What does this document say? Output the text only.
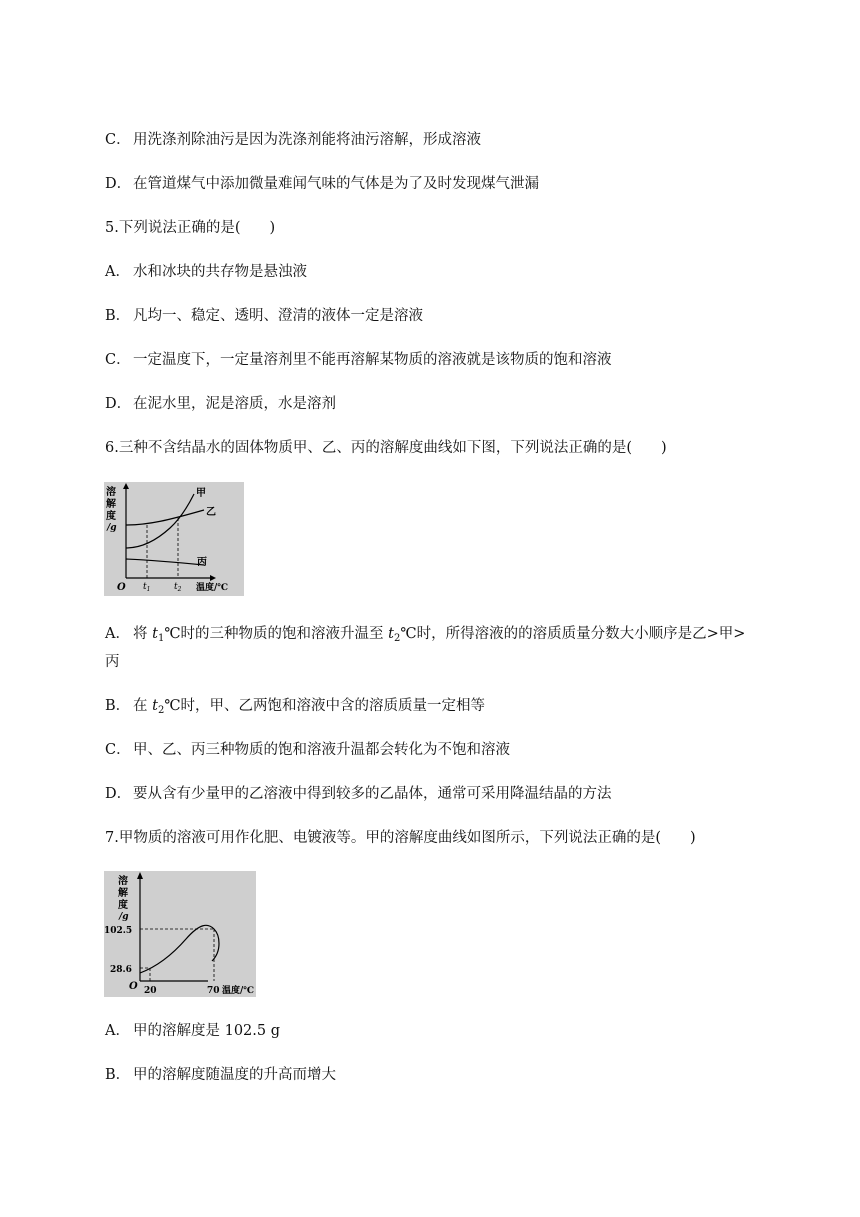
C． 用洗涤剂除油污是因为洗涤剂能将油污溶解，形成溶液
D． 在管道煤气中添加微量难闻气味的气体是为了及时发现煤气泄漏
5.下列说法正确的是(　　)
A． 水和冰块的共存物是悬浊液
B． 凡均一、稳定、透明、澄清的液体一定是溶液
C． 一定温度下，一定量溶剂里不能再溶解某物质的溶液就是该物质的饱和溶液
D． 在泥水里，泥是溶质，水是溶剂
6.三种不含结晶水的固体物质甲、乙、丙的溶解度曲线如下图，下列说法正确的是(　　)
溶
解
度
/g
甲
乙
丙
O $t_1$	$t_2$ 温度/℃
A． 将 $t_1℃$时的三种物质的饱和溶液升温至 $t_2℃$时，所得溶液的的溶质质量分数大小顺序是乙>甲>
丙
B． 在 $t_2℃$时，甲、乙两饱和溶液中含的溶质质量一定相等
C． 甲、乙、丙三种物质的饱和溶液升温都会转化为不饱和溶液
D． 要从含有少量甲的乙溶液中得到较多的乙晶体，通常可采用降温结晶的方法
7.甲物质的溶液可用作化肥、电镀液等。甲的溶解度曲线如图所示，下列说法正确的是(　　)
溶
解
度
/g
102.5
28.6
O 20	70 温度/℃
A． 甲的溶解度是 102.5 g
B． 甲的溶解度随温度的升高而增大
